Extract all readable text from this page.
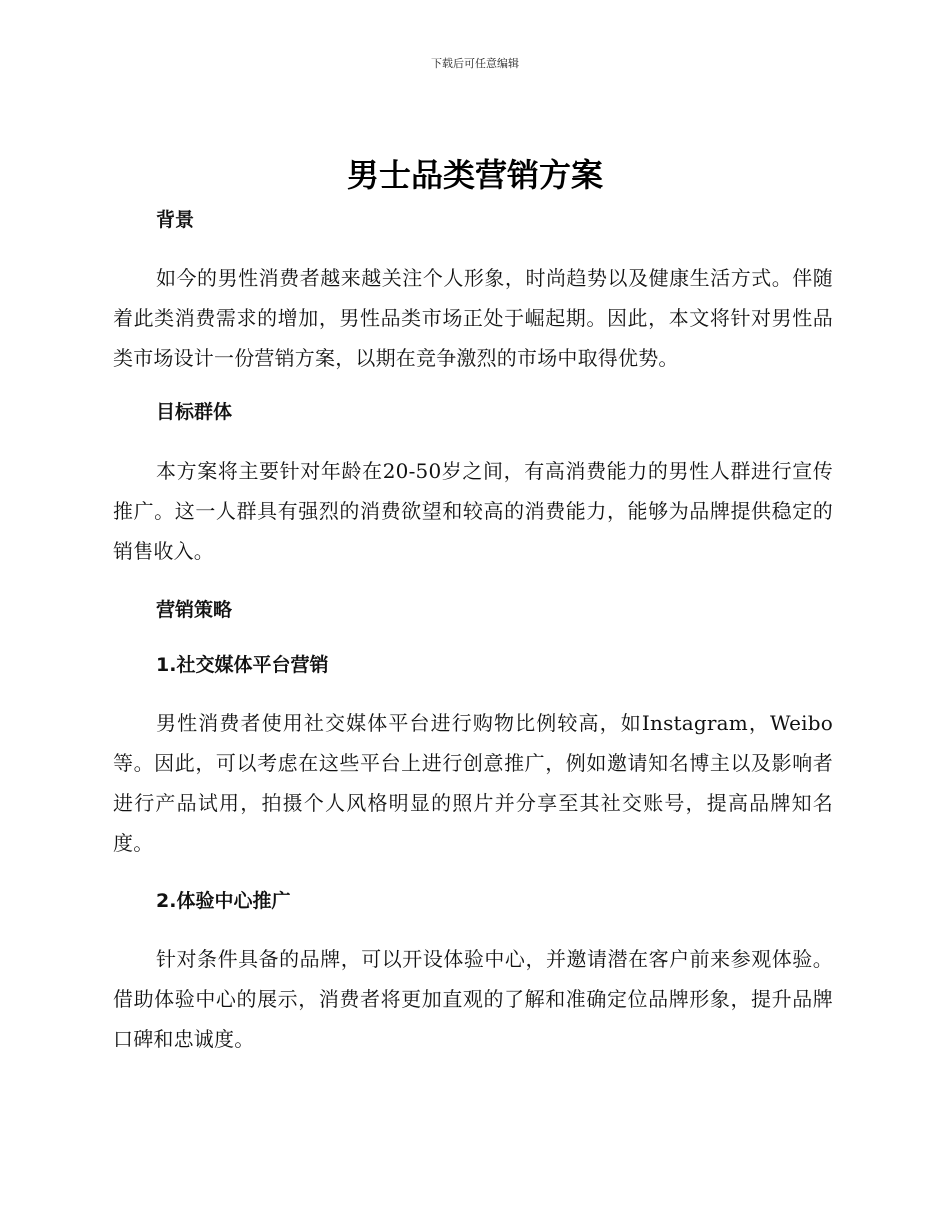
下载后可任意编辑
男士品类营销方案
背景

如今的男性消费者越来越关注个人形象，时尚趋势以及健康生活方式。伴随着此类消费需求的增加，男性品类市场正处于崛起期。因此，本文将针对男性品类市场设计一份营销方案，以期在竞争激烈的市场中取得优势。

目标群体

本方案将主要针对年龄在20-50岁之间，有高消费能力的男性人群进行宣传推广。这一人群具有强烈的消费欲望和较高的消费能力，能够为品牌提供稳定的销售收入。

营销策略
1.社交媒体平台营销

男性消费者使用社交媒体平台进行购物比例较高，如Instagram，Weibo等。因此，可以考虑在这些平台上进行创意推广，例如邀请知名博主以及影响者进行产品试用，拍摄个人风格明显的照片并分享至其社交账号，提高品牌知名度。

2.体验中心推广

针对条件具备的品牌，可以开设体验中心，并邀请潜在客户前来参观体验。借助体验中心的展示，消费者将更加直观的了解和准确定位品牌形象，提升品牌口碑和忠诚度。
